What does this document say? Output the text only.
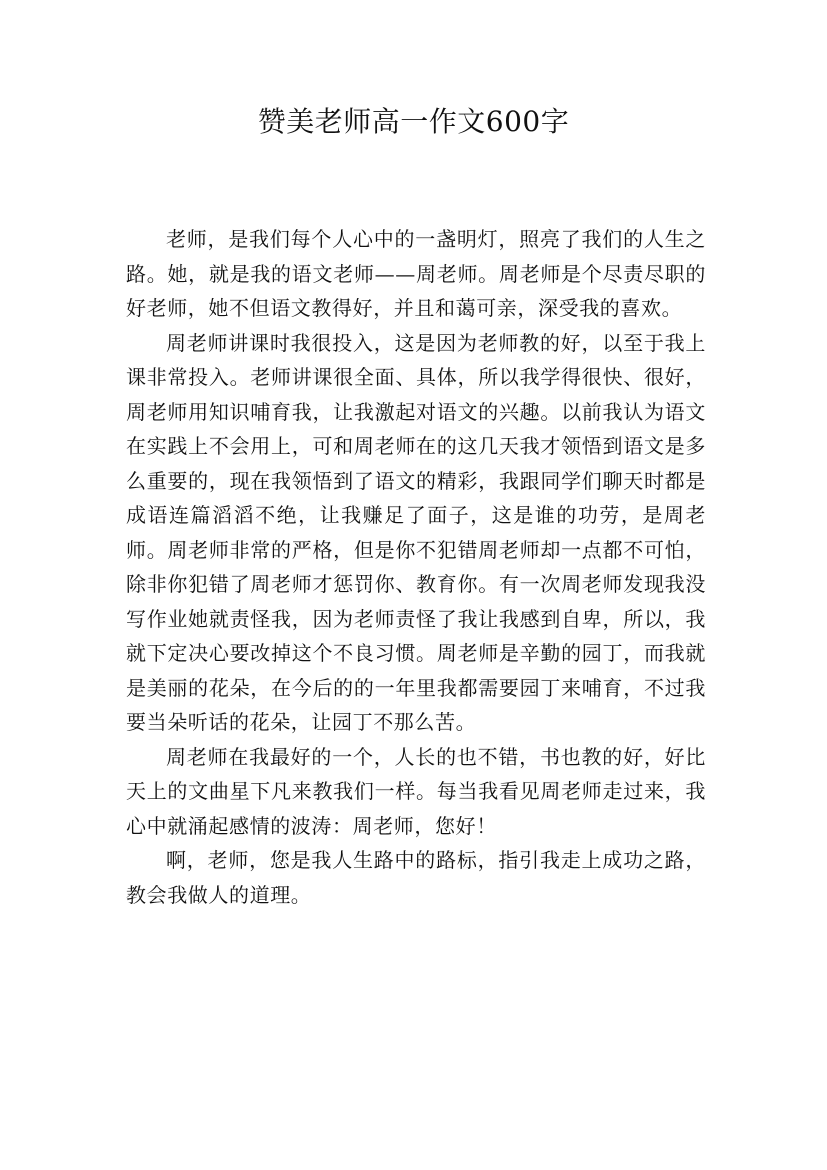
赞美老师高一作文600字

老师，是我们每个人心中的一盏明灯，照亮了我们的人生之路。她，就是我的语文老师——周老师。周老师是个尽责尽职的好老师，她不但语文教得好，并且和蔼可亲，深受我的喜欢。

周老师讲课时我很投入，这是因为老师教的好，以至于我上课非常投入。老师讲课很全面、具体，所以我学得很快、很好，周老师用知识哺育我，让我激起对语文的兴趣。以前我认为语文在实践上不会用上，可和周老师在的这几天我才领悟到语文是多么重要的，现在我领悟到了语文的精彩，我跟同学们聊天时都是成语连篇滔滔不绝，让我赚足了面子，这是谁的功劳，是周老师。周老师非常的严格，但是你不犯错周老师却一点都不可怕，除非你犯错了周老师才惩罚你、教育你。有一次周老师发现我没写作业她就责怪我，因为老师责怪了我让我感到自卑，所以，我就下定决心要改掉这个不良习惯。周老师是辛勤的园丁，而我就是美丽的花朵，在今后的的一年里我都需要园丁来哺育，不过我要当朵听话的花朵，让园丁不那么苦。

周老师在我最好的一个，人长的也不错，书也教的好，好比天上的文曲星下凡来教我们一样。每当我看见周老师走过来，我心中就涌起感情的波涛：周老师，您好！

啊，老师，您是我人生路中的路标，指引我走上成功之路，教会我做人的道理。
